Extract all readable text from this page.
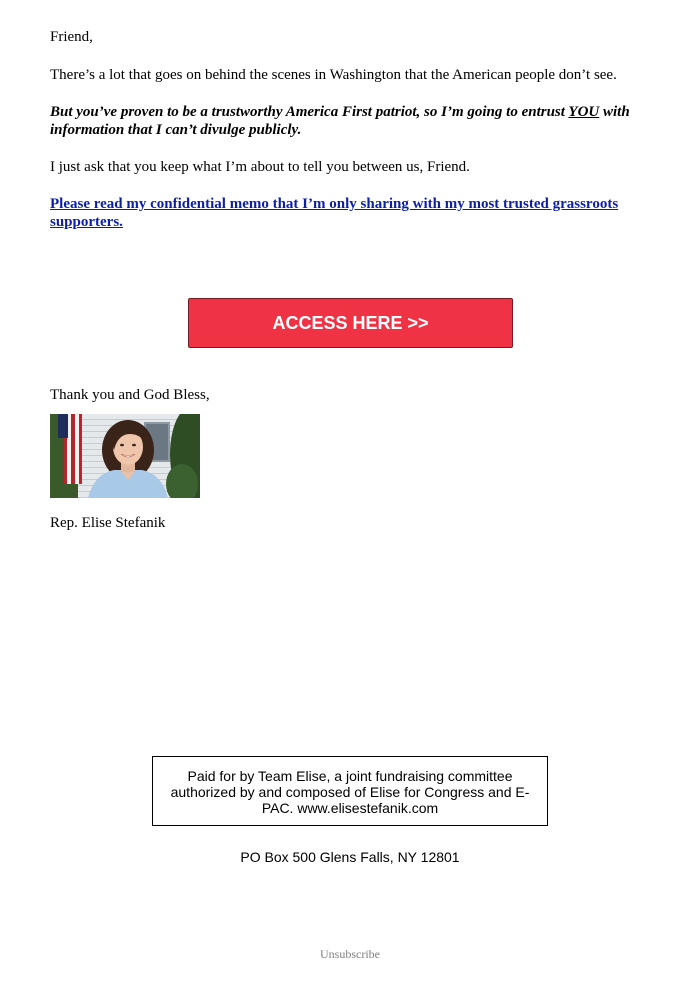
Friend,

There’s a lot that goes on behind the scenes in Washington that the American people don’t see.

But you’ve proven to be a trustworthy America First patriot, so I’m going to entrust YOU with information that I can’t divulge publicly.

I just ask that you keep what I’m about to tell you between us, Friend.

Please read my confidential memo that I’m only sharing with my most trusted grassroots supporters.

ACCESS HERE >>
Thank you and God Bless,
Rep. Elise Stefanik
Paid for by Team Elise, a joint fundraising committee authorized by and composed of Elise for Congress and E-PAC. www.elisestefanik.com
PO Box 500 Glens Falls, NY 12801
Unsubscribe
